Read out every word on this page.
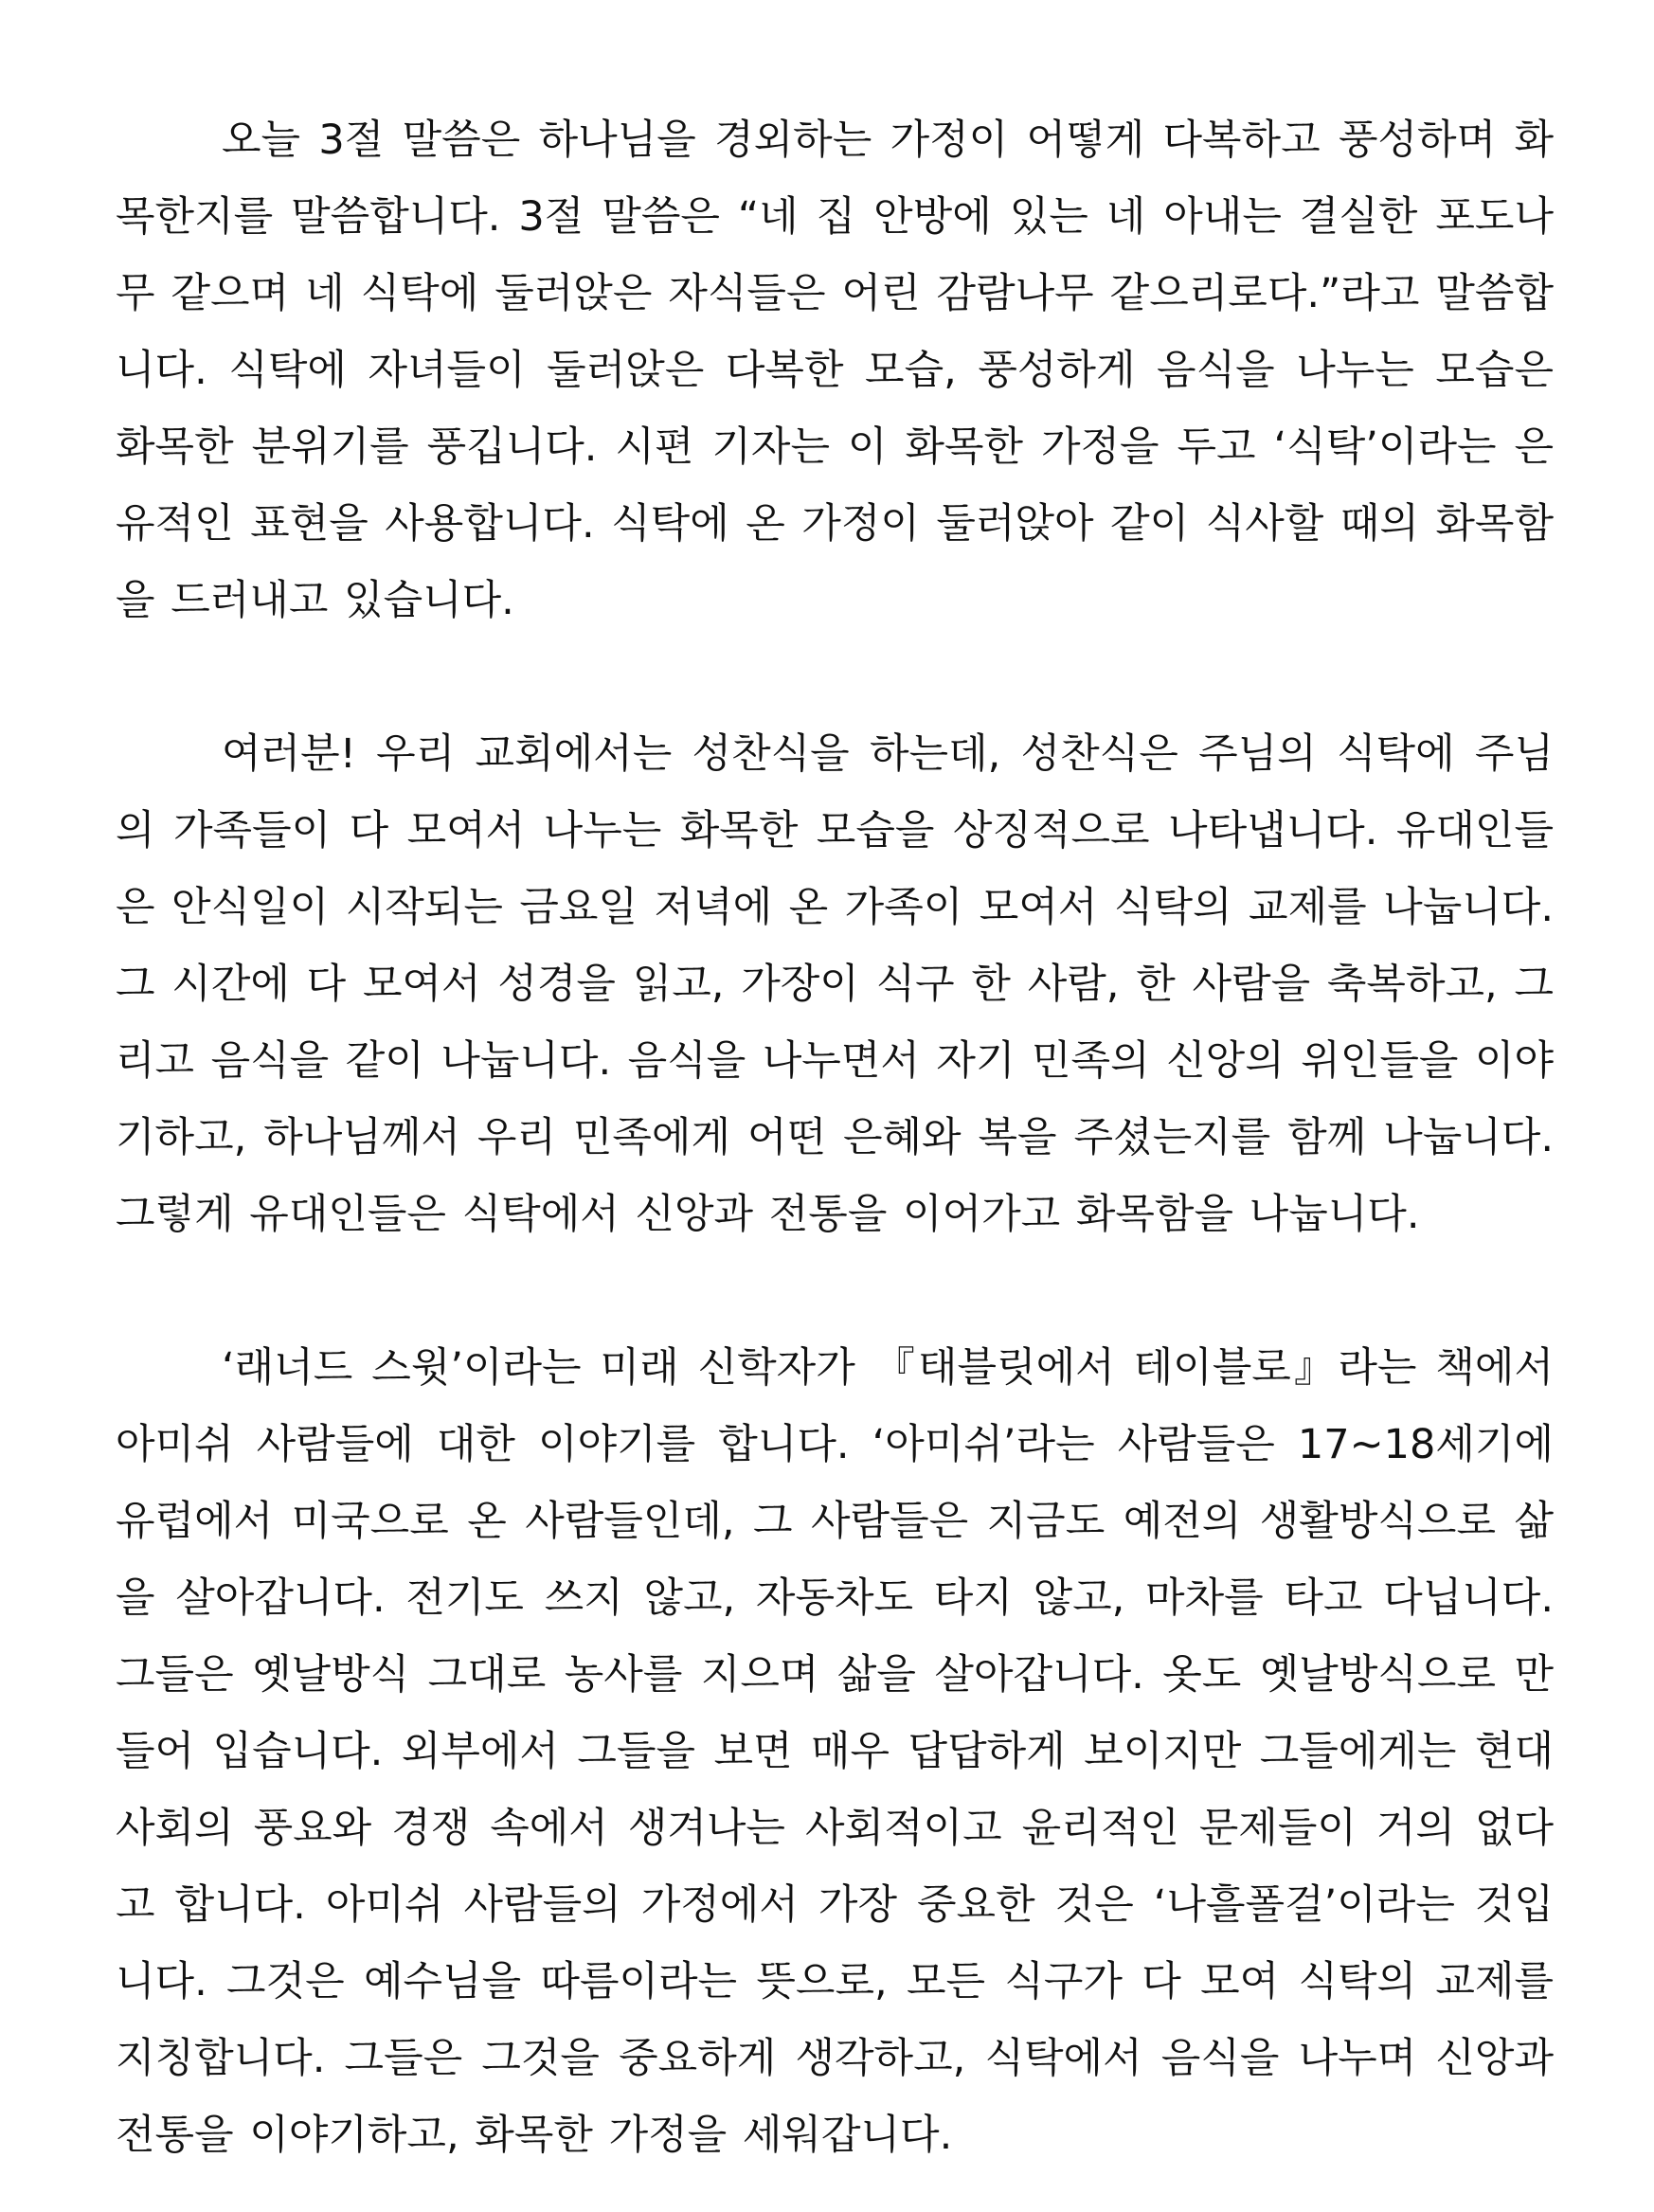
오늘 3절 말씀은 하나님을 경외하는 가정이 어떻게 다복하고 풍성하며 화목한지를 말씀합니다. 3절 말씀은 “네 집 안방에 있는 네 아내는 결실한 포도나무 같으며 네 식탁에 둘러앉은 자식들은 어린 감람나무 같으리로다.”라고 말씀합니다. 식탁에 자녀들이 둘러앉은 다복한 모습, 풍성하게 음식을 나누는 모습은 화목한 분위기를 풍깁니다. 시편 기자는 이 화목한 가정을 두고 ‘식탁’이라는 은유적인 표현을 사용합니다. 식탁에 온 가정이 둘러앉아 같이 식사할 때의 화목함을 드러내고 있습니다.

여러분! 우리 교회에서는 성찬식을 하는데, 성찬식은 주님의 식탁에 주님의 가족들이 다 모여서 나누는 화목한 모습을 상징적으로 나타냅니다. 유대인들은 안식일이 시작되는 금요일 저녁에 온 가족이 모여서 식탁의 교제를 나눕니다. 그 시간에 다 모여서 성경을 읽고, 가장이 식구 한 사람, 한 사람을 축복하고, 그리고 음식을 같이 나눕니다. 음식을 나누면서 자기 민족의 신앙의 위인들을 이야기하고, 하나님께서 우리 민족에게 어떤 은혜와 복을 주셨는지를 함께 나눕니다. 그렇게 유대인들은 식탁에서 신앙과 전통을 이어가고 화목함을 나눕니다.

‘래너드 스윗’이라는 미래 신학자가 『태블릿에서 테이블로』라는 책에서 아미쉬 사람들에 대한 이야기를 합니다. ‘아미쉬’라는 사람들은 17~18세기에 유럽에서 미국으로 온 사람들인데, 그 사람들은 지금도 예전의 생활방식으로 삶을 살아갑니다. 전기도 쓰지 않고, 자동차도 타지 않고, 마차를 타고 다닙니다. 그들은 옛날방식 그대로 농사를 지으며 삶을 살아갑니다. 옷도 옛날방식으로 만들어 입습니다. 외부에서 그들을 보면 매우 답답하게 보이지만 그들에게는 현대사회의 풍요와 경쟁 속에서 생겨나는 사회적이고 윤리적인 문제들이 거의 없다고 합니다. 아미쉬 사람들의 가정에서 가장 중요한 것은 ‘나흘폴걸’이라는 것입니다. 그것은 예수님을 따름이라는 뜻으로, 모든 식구가 다 모여 식탁의 교제를 지칭합니다. 그들은 그것을 중요하게 생각하고, 식탁에서 음식을 나누며 신앙과 전통을 이야기하고, 화목한 가정을 세워갑니다.
